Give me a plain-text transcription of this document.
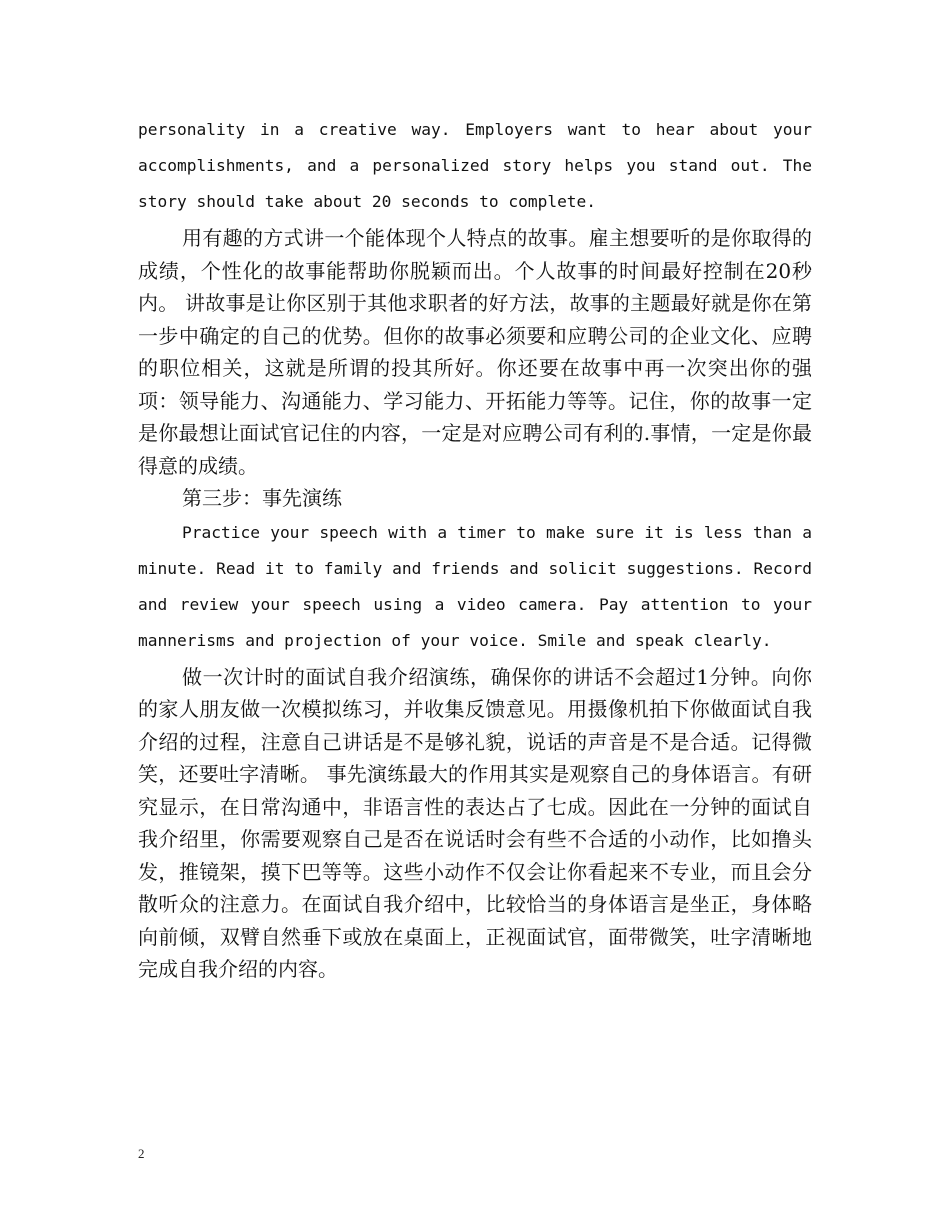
personality in a creative way. Employers want to hear about your accomplishments, and a personalized story helps you stand out. The story should take about 20 seconds to complete.

用有趣的方式讲一个能体现个人特点的故事。雇主想要听的是你取得的成绩，个性化的故事能帮助你脱颖而出。个人故事的时间最好控制在20秒内。 讲故事是让你区别于其他求职者的好方法，故事的主题最好就是你在第一步中确定的自己的优势。但你的故事必须要和应聘公司的企业文化、应聘的职位相关，这就是所谓的投其所好。你还要在故事中再一次突出你的强项：领导能力、沟通能力、学习能力、开拓能力等等。记住，你的故事一定是你最想让面试官记住的内容，一定是对应聘公司有利的.事情，一定是你最得意的成绩。

第三步：事先演练

Practice your speech with a timer to make sure it is less than a minute. Read it to family and friends and solicit suggestions. Record and review your speech using a video camera. Pay attention to your mannerisms and projection of your voice. Smile and speak clearly.

做一次计时的面试自我介绍演练，确保你的讲话不会超过1分钟。向你的家人朋友做一次模拟练习，并收集反馈意见。用摄像机拍下你做面试自我介绍的过程，注意自己讲话是不是够礼貌，说话的声音是不是合适。记得微笑，还要吐字清晰。 事先演练最大的作用其实是观察自己的身体语言。有研究显示，在日常沟通中，非语言性的表达占了七成。因此在一分钟的面试自我介绍里，你需要观察自己是否在说话时会有些不合适的小动作，比如撸头发，推镜架，摸下巴等等。这些小动作不仅会让你看起来不专业，而且会分散听众的注意力。在面试自我介绍中，比较恰当的身体语言是坐正，身体略向前倾，双臂自然垂下或放在桌面上，正视面试官，面带微笑，吐字清晰地完成自我介绍的内容。

2
